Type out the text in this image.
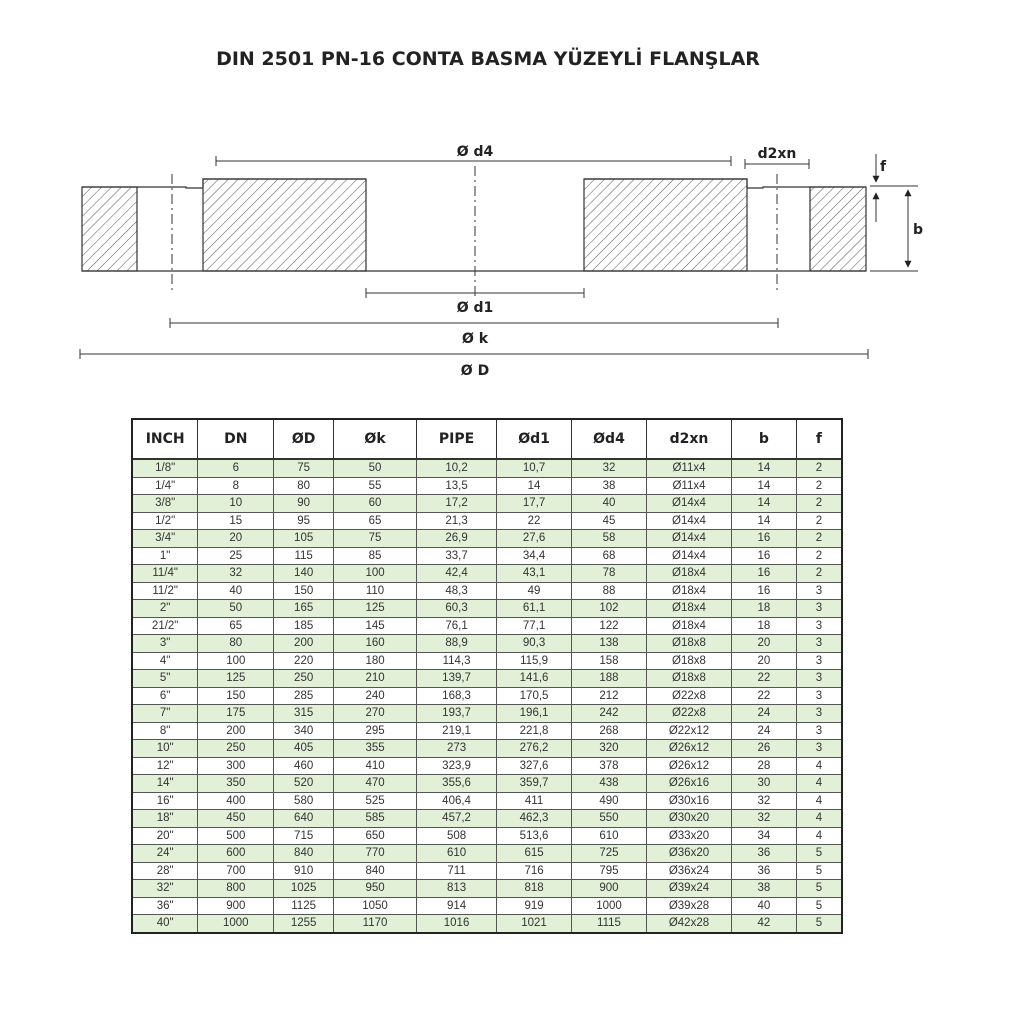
DIN 2501 PN-16 CONTA BASMA YÜZEYLİ FLANŞLAR
Ø d4	d2xn
f
b
Ø d1
Ø k
Ø D
INCH	DN	ØD	Øk	PIPE	Ød1	Ød4	d2xn	b	f
1/8"	6	75	50	10,2	10,7	32	Ø11x4	14	2
1/4"	8	80	55	13,5	14	38	Ø11x4	14	2
3/8"	10	90	60	17,2	17,7	40	Ø14x4	14	2
1/2"	15	95	65	21,3	22	45	Ø14x4	14	2
3/4"	20	105	75	26,9	27,6	58	Ø14x4	16	2
1"	25	115	85	33,7	34,4	68	Ø14x4	16	2
11/4"	32	140	100	42,4	43,1	78	Ø18x4	16	2
11/2"	40	150	110	48,3	49	88	Ø18x4	16	3
2"	50	165	125	60,3	61,1	102	Ø18x4	18	3
21/2"	65	185	145	76,1	77,1	122	Ø18x4	18	3
3"	80	200	160	88,9	90,3	138	Ø18x8	20	3
4"	100	220	180	114,3	115,9	158	Ø18x8	20	3
5"	125	250	210	139,7	141,6	188	Ø18x8	22	3
6"	150	285	240	168,3	170,5	212	Ø22x8	22	3
7"	175	315	270	193,7	196,1	242	Ø22x8	24	3
8"	200	340	295	219,1	221,8	268	Ø22x12	24	3
10"	250	405	355	273	276,2	320	Ø26x12	26	3
12"	300	460	410	323,9	327,6	378	Ø26x12	28	4
14"	350	520	470	355,6	359,7	438	Ø26x16	30	4
16"	400	580	525	406,4	411	490	Ø30x16	32	4
18"	450	640	585	457,2	462,3	550	Ø30x20	32	4
20"	500	715	650	508	513,6	610	Ø33x20	34	4
24"	600	840	770	610	615	725	Ø36x20	36	5
28"	700	910	840	711	716	795	Ø36x24	36	5
32"	800	1025	950	813	818	900	Ø39x24	38	5
36"	900	1125	1050	914	919	1000	Ø39x28	40	5
40"	1000	1255	1170	1016	1021	1115	Ø42x28	42	5
